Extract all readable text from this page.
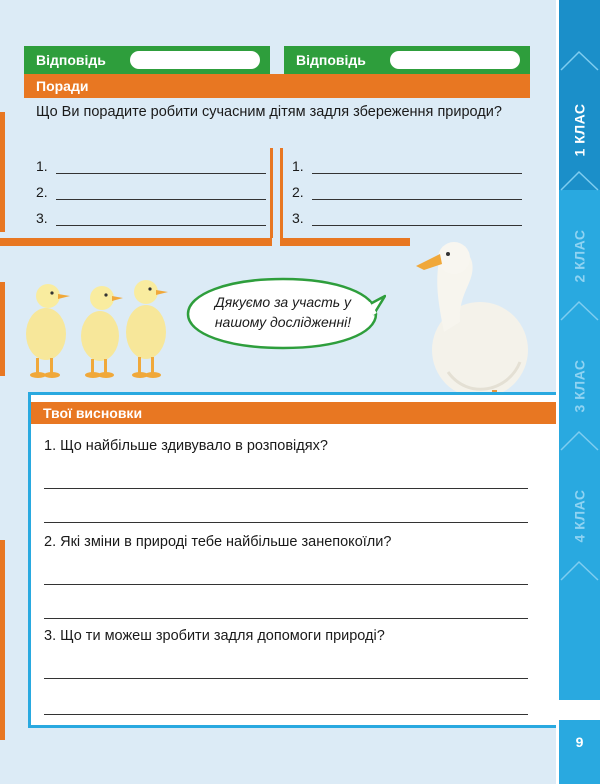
Відповідь	Відповідь
Поради
Що Ви порадите робити сучасним дітям задля збереження природи?
1.
2.
3.
1.
2.
3.
Дякуємо за участь у нашому дослідженні!
Твої висновки
1. Що найбільше здивувало в розповідях?
2. Які зміни в природі тебе найбільше занепокоїли?
3. Що ти можеш зробити задля допомоги природі?
1 КЛАС
2 КЛАС
3 КЛАС
4 КЛАС
9
